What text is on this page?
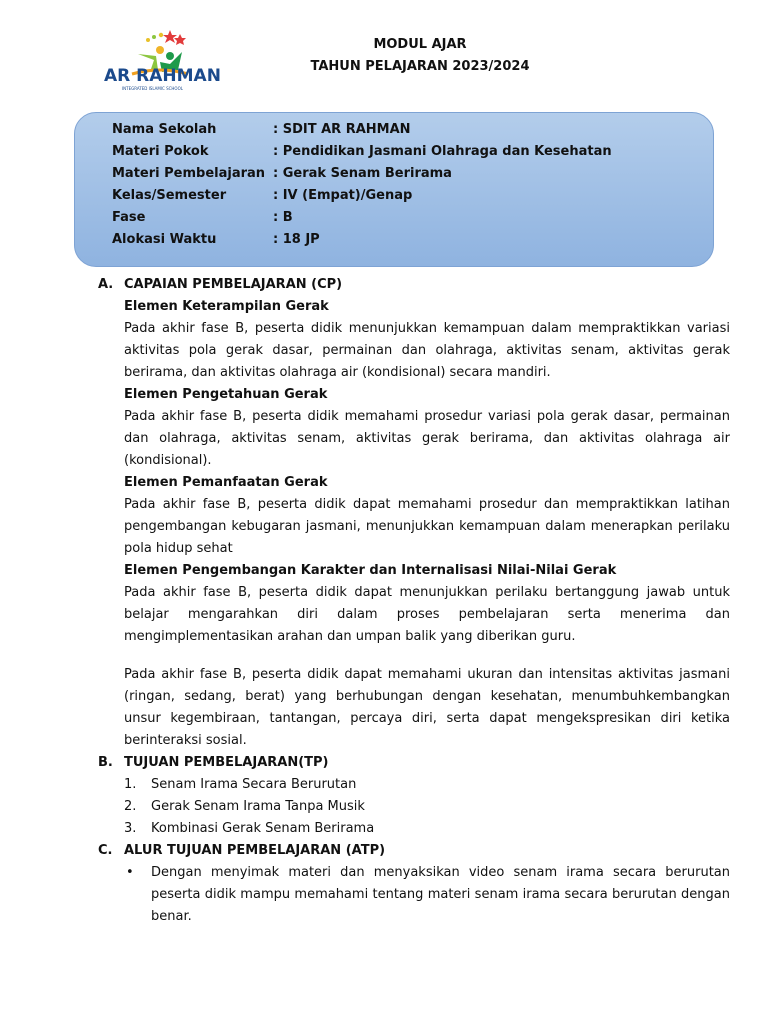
AR RAHMAN
INTEGRATED ISLAMIC SCHOOL
MODUL AJAR
TAHUN PELAJARAN 2023/2024
Nama Sekolah	: SDIT AR RAHMAN
Materi Pokok	: Pendidikan Jasmani Olahraga dan Kesehatan
Materi Pembelajaran : Gerak Senam Berirama
Kelas/Semester	: IV (Empat)/Genap
Fase	: B
Alokasi Waktu	: 18 JP
A. CAPAIAN PEMBELAJARAN (CP)
Elemen Keterampilan Gerak
Pada akhir fase B, peserta didik menunjukkan kemampuan dalam mempraktikkan variasi aktivitas pola gerak dasar, permainan dan olahraga, aktivitas senam, aktivitas gerak berirama, dan aktivitas olahraga air (kondisional) secara mandiri.
Elemen Pengetahuan Gerak
Pada akhir fase B, peserta didik memahami prosedur variasi pola gerak dasar, permainan dan olahraga, aktivitas senam, aktivitas gerak berirama, dan aktivitas olahraga air (kondisional).
Elemen Pemanfaatan Gerak
Pada akhir fase B, peserta didik dapat memahami prosedur dan mempraktikkan latihan pengembangan kebugaran jasmani, menunjukkan kemampuan dalam menerapkan perilaku pola hidup sehat
Elemen Pengembangan Karakter dan Internalisasi Nilai-Nilai Gerak
Pada akhir fase B, peserta didik dapat menunjukkan perilaku bertanggung jawab untuk belajar mengarahkan diri dalam proses pembelajaran serta menerima dan mengimplementasikan arahan dan umpan balik yang diberikan guru.
Pada akhir fase B, peserta didik dapat memahami ukuran dan intensitas aktivitas jasmani (ringan, sedang, berat) yang berhubungan dengan kesehatan, menumbuhkembangkan unsur kegembiraan, tantangan, percaya diri, serta dapat mengekspresikan diri ketika berinteraksi sosial.
B. TUJUAN PEMBELAJARAN(TP)
1. Senam Irama Secara Berurutan
2. Gerak Senam Irama Tanpa Musik
3. Kombinasi Gerak Senam Berirama
C. ALUR TUJUAN PEMBELAJARAN (ATP)
• Dengan menyimak materi dan menyaksikan video senam irama secara berurutan peserta didik mampu memahami tentang materi senam irama secara berurutan dengan benar.
